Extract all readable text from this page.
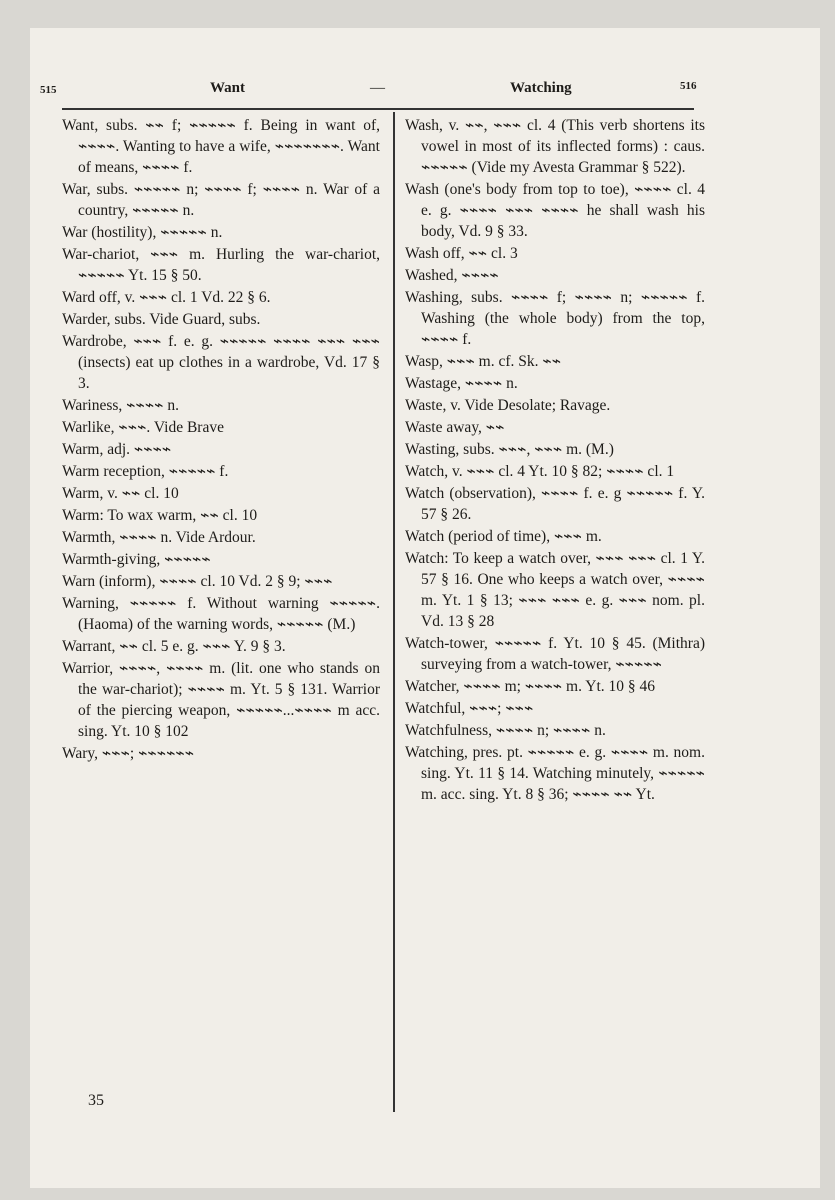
515	Want	—	Watching	516

Want, subs. ⌁⌁ f; ⌁⌁⌁⌁⌁ f. Being in want of, ⌁⌁⌁⌁. Wanting to have a wife, ⌁⌁⌁⌁⌁⌁⌁. Want of means, ⌁⌁⌁⌁ f.

War, subs. ⌁⌁⌁⌁⌁ n; ⌁⌁⌁⌁ f; ⌁⌁⌁⌁ n. War of a country, ⌁⌁⌁⌁⌁ n.

War (hostility), ⌁⌁⌁⌁⌁ n.

War-chariot, ⌁⌁⌁ m. Hurling the war-chariot, ⌁⌁⌁⌁⌁ Yt. 15 § 50.

Ward off, v. ⌁⌁⌁ cl. 1 Vd. 22 § 6.

Warder, subs. Vide Guard, subs.

Wardrobe, ⌁⌁⌁ f. e. g. ⌁⌁⌁⌁⌁ ⌁⌁⌁⌁ ⌁⌁⌁ ⌁⌁⌁ (insects) eat up clothes in a wardrobe, Vd. 17 § 3.

Wariness, ⌁⌁⌁⌁ n.

Warlike, ⌁⌁⌁. Vide Brave

Warm, adj. ⌁⌁⌁⌁

Warm reception, ⌁⌁⌁⌁⌁ f.

Warm, v. ⌁⌁ cl. 10

Warm: To wax warm, ⌁⌁ cl. 10

Warmth, ⌁⌁⌁⌁ n. Vide Ardour.

Warmth-giving, ⌁⌁⌁⌁⌁

Warn (inform), ⌁⌁⌁⌁ cl. 10 Vd. 2 § 9; ⌁⌁⌁

Warning, ⌁⌁⌁⌁⌁ f. Without warning ⌁⌁⌁⌁⌁. (Haoma) of the warning words, ⌁⌁⌁⌁⌁ (M.)

Warrant, ⌁⌁ cl. 5 e. g. ⌁⌁⌁ Y. 9 § 3.

Warrior, ⌁⌁⌁⌁, ⌁⌁⌁⌁ m. (lit. one who stands on the war-chariot); ⌁⌁⌁⌁ m. Yt. 5 § 131. Warrior of the piercing weapon, ⌁⌁⌁⌁⌁...⌁⌁⌁⌁ m acc. sing. Yt. 10 § 102

Wary, ⌁⌁⌁; ⌁⌁⌁⌁⌁⌁

Wash, v. ⌁⌁, ⌁⌁⌁ cl. 4 (This verb shortens its vowel in most of its inflected forms) : caus. ⌁⌁⌁⌁⌁ (Vide my Avesta Grammar § 522).

Wash (one's body from top to toe), ⌁⌁⌁⌁ cl. 4 e. g. ⌁⌁⌁⌁ ⌁⌁⌁ ⌁⌁⌁⌁ he shall wash his body, Vd. 9 § 33.

Wash off, ⌁⌁ cl. 3

Washed, ⌁⌁⌁⌁

Washing, subs. ⌁⌁⌁⌁ f; ⌁⌁⌁⌁ n; ⌁⌁⌁⌁⌁ f. Washing (the whole body) from the top, ⌁⌁⌁⌁ f.

Wasp, ⌁⌁⌁ m. cf. Sk. ⌁⌁

Wastage, ⌁⌁⌁⌁ n.

Waste, v. Vide Desolate; Ravage.

Waste away, ⌁⌁

Wasting, subs. ⌁⌁⌁, ⌁⌁⌁ m. (M.)

Watch, v. ⌁⌁⌁ cl. 4 Yt. 10 § 82; ⌁⌁⌁⌁ cl. 1

Watch (observation), ⌁⌁⌁⌁ f. e. g ⌁⌁⌁⌁⌁ f. Y. 57 § 26.

Watch (period of time), ⌁⌁⌁ m.

Watch: To keep a watch over, ⌁⌁⌁ ⌁⌁⌁ cl. 1 Y. 57 § 16. One who keeps a watch over, ⌁⌁⌁⌁ m. Yt. 1 § 13; ⌁⌁⌁ ⌁⌁⌁ e. g. ⌁⌁⌁ nom. pl. Vd. 13 § 28

Watch-tower, ⌁⌁⌁⌁⌁ f. Yt. 10 § 45. (Mithra) surveying from a watch-tower, ⌁⌁⌁⌁⌁

Watcher, ⌁⌁⌁⌁ m; ⌁⌁⌁⌁ m. Yt. 10 § 46

Watchful, ⌁⌁⌁; ⌁⌁⌁

Watchfulness, ⌁⌁⌁⌁ n; ⌁⌁⌁⌁ n.

Watching, pres. pt. ⌁⌁⌁⌁⌁ e. g. ⌁⌁⌁⌁ m. nom. sing. Yt. 11 § 14. Watching minutely, ⌁⌁⌁⌁⌁ m. acc. sing. Yt. 8 § 36; ⌁⌁⌁⌁ ⌁⌁ Yt.

35
